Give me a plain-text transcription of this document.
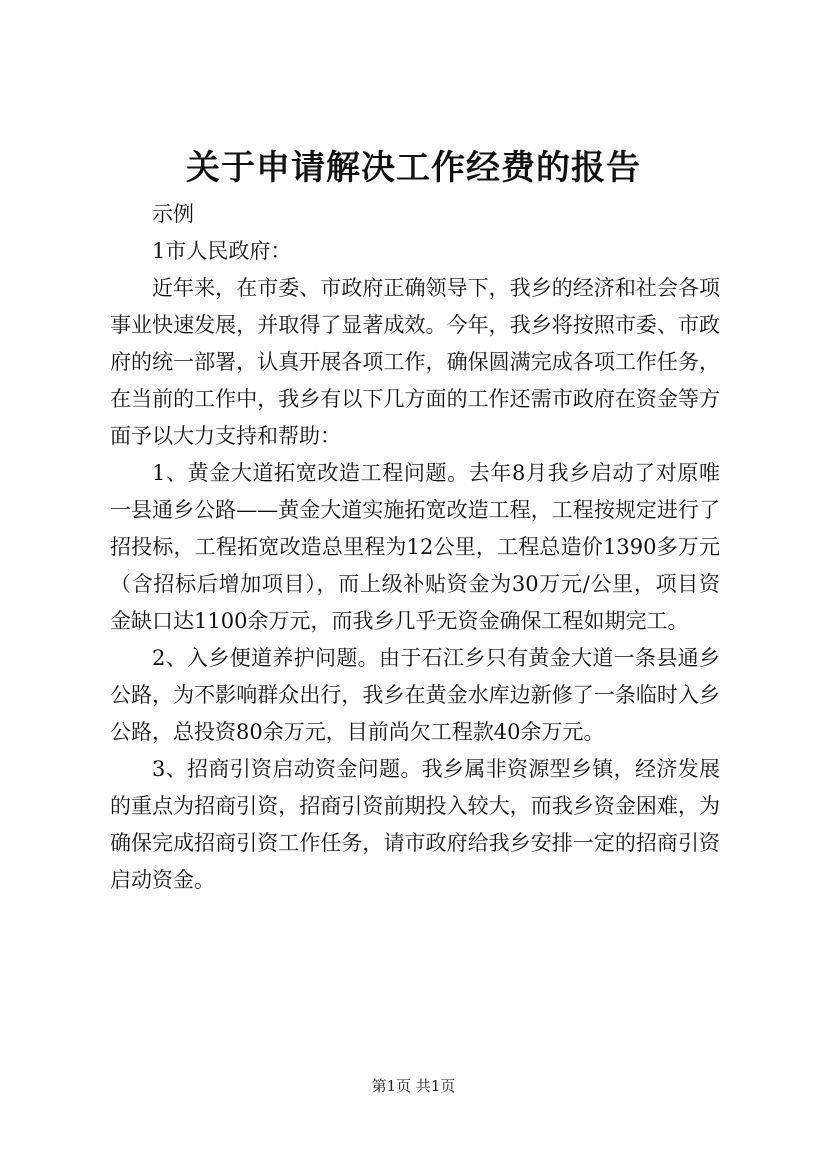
关于申请解决工作经费的报告

示例

1市人民政府：

近年来，在市委、市政府正确领导下，我乡的经济和社会各项事业快速发展，并取得了显著成效。今年，我乡将按照市委、市政府的统一部署，认真开展各项工作，确保圆满完成各项工作任务，在当前的工作中，我乡有以下几方面的工作还需市政府在资金等方面予以大力支持和帮助：

1、黄金大道拓宽改造工程问题。去年8月我乡启动了对原唯一县通乡公路——黄金大道实施拓宽改造工程，工程按规定进行了招投标，工程拓宽改造总里程为12公里，工程总造价1390多万元（含招标后增加项目），而上级补贴资金为30万元/公里，项目资金缺口达1100余万元，而我乡几乎无资金确保工程如期完工。

2、入乡便道养护问题。由于石江乡只有黄金大道一条县通乡公路，为不影响群众出行，我乡在黄金水库边新修了一条临时入乡公路，总投资80余万元，目前尚欠工程款40余万元。

3、招商引资启动资金问题。我乡属非资源型乡镇，经济发展的重点为招商引资，招商引资前期投入较大，而我乡资金困难，为确保完成招商引资工作任务，请市政府给我乡安排一定的招商引资启动资金。

第1页 共1页
